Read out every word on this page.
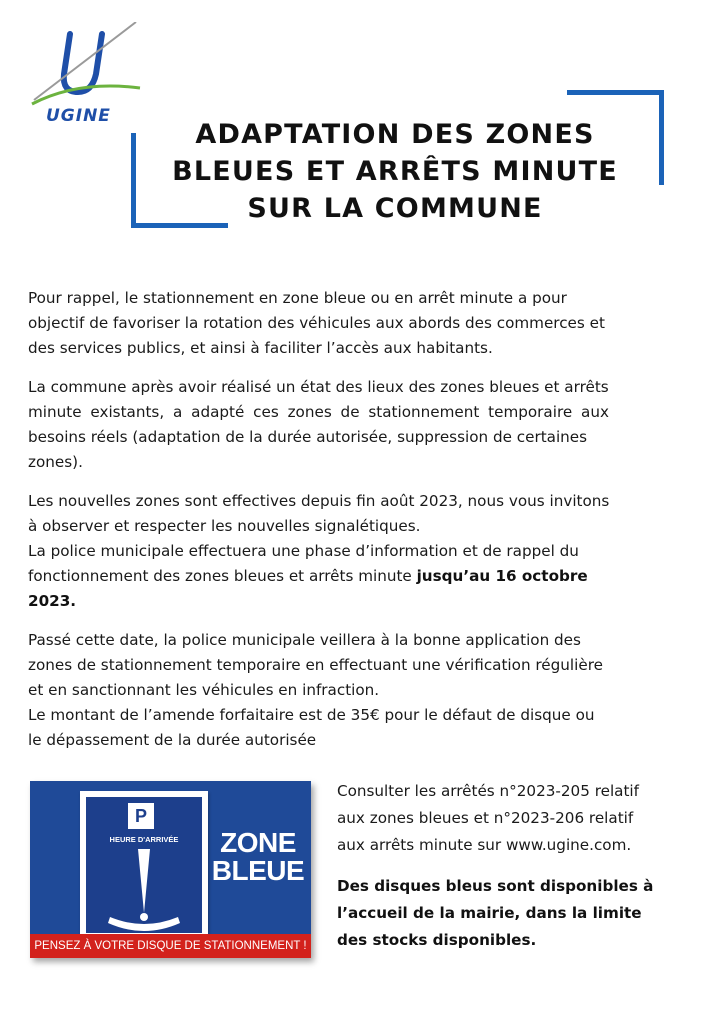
UGINE
ADAPTATION DES ZONES
BLEUES ET ARRÊTS MINUTE
SUR LA COMMUNE

Pour rappel, le stationnement en zone bleue ou en arrêt minute a pour
objectif de favoriser la rotation des véhicules aux abords des commerces et
des services publics, et ainsi à faciliter l’accès aux habitants.

La commune après avoir réalisé un état des lieux des zones bleues et arrêts
minute existants, a adapté ces zones de stationnement temporaire aux
besoins réels (adaptation de la durée autorisée, suppression de certaines
zones).

Les nouvelles zones sont effectives depuis fin août 2023, nous vous invitons
à observer et respecter les nouvelles signalétiques.
La police municipale effectuera une phase d’information et de rappel du
fonctionnement des zones bleues et arrêts minute jusqu’au 16 octobre
2023.

Passé cette date, la police municipale veillera à la bonne application des
zones de stationnement temporaire en effectuant une vérification régulière
et en sanctionnant les véhicules en infraction.
Le montant de l’amende forfaitaire est de 35€ pour le défaut de disque ou
le dépassement de la durée autorisée

P
HEURE D'ARRIVÉE	ZONE
BLEUE
PENSEZ À VOTRE DISQUE DE STATIONNEMENT !

Consulter les arrêtés n°2023-205 relatif
aux zones bleues et n°2023-206 relatif
aux arrêts minute sur www.ugine.com.

Des disques bleus sont disponibles à
l’accueil de la mairie, dans la limite
des stocks disponibles.
